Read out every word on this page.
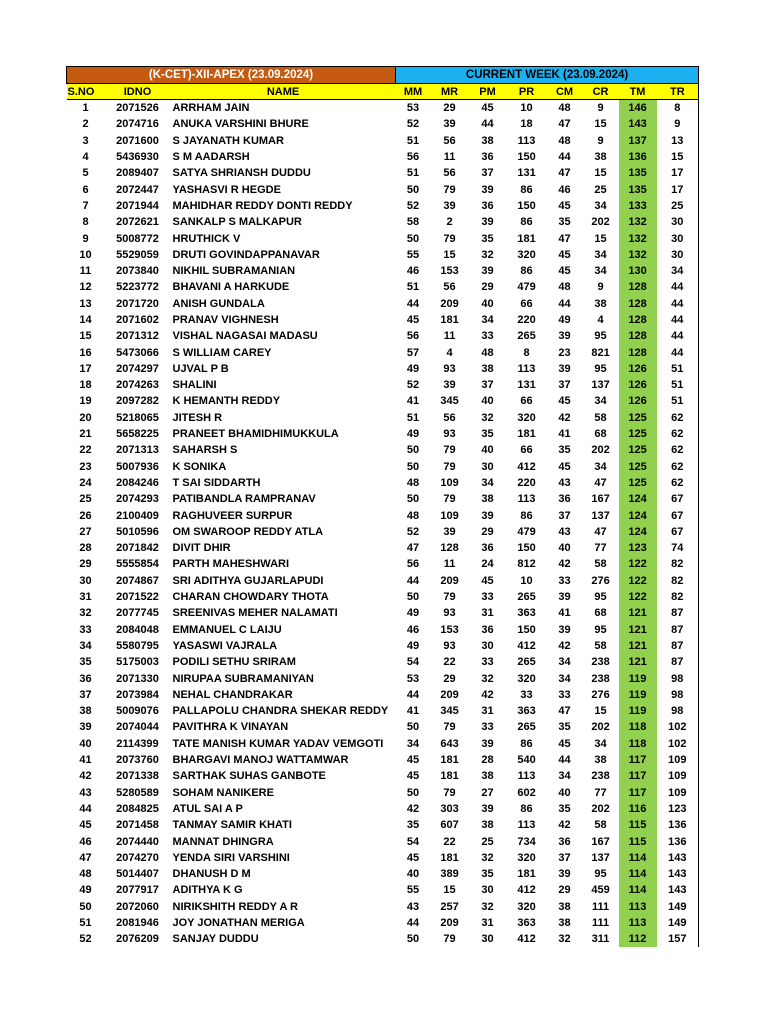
(K-CET)-XII-APEX (23.09.2024)			CURRENT WEEK (23.09.2024)							
S.NO	IDNO	NAME	MM	MR	PM	PR	CM	CR	TM	TR
1	2071526	ARRHAM JAIN	53	29	45	10	48	9	146	8
2	2074716	ANUKA VARSHINI BHURE	52	39	44	18	47	15	143	9
3	2071600	S JAYANATH KUMAR	51	56	38	113	48	9	137	13
4	5436930	S M AADARSH	56	11	36	150	44	38	136	15
5	2089407	SATYA SHRIANSH DUDDU	51	56	37	131	47	15	135	17
6	2072447	YASHASVI R HEGDE	50	79	39	86	46	25	135	17
7	2071944	MAHIDHAR REDDY DONTI REDDY	52	39	36	150	45	34	133	25
8	2072621	SANKALP S MALKAPUR	58	2	39	86	35	202	132	30
9	5008772	HRUTHICK V	50	79	35	181	47	15	132	30
10	5529059	DRUTI GOVINDAPPANAVAR	55	15	32	320	45	34	132	30
11	2073840	NIKHIL SUBRAMANIAN	46	153	39	86	45	34	130	34
12	5223772	BHAVANI A HARKUDE	51	56	29	479	48	9	128	44
13	2071720	ANISH GUNDALA	44	209	40	66	44	38	128	44
14	2071602	PRANAV VIGHNESH	45	181	34	220	49	4	128	44
15	2071312	VISHAL NAGASAI MADASU	56	11	33	265	39	95	128	44
16	5473066	S WILLIAM CAREY	57	4	48	8	23	821	128	44
17	2074297	UJVAL P B	49	93	38	113	39	95	126	51
18	2074263	SHALINI	52	39	37	131	37	137	126	51
19	2097282	K HEMANTH REDDY	41	345	40	66	45	34	126	51
20	5218065	JITESH R	51	56	32	320	42	58	125	62
21	5658225	PRANEET BHAMIDHIMUKKULA	49	93	35	181	41	68	125	62
22	2071313	SAHARSH S	50	79	40	66	35	202	125	62
23	5007936	K SONIKA	50	79	30	412	45	34	125	62
24	2084246	T SAI SIDDARTH	48	109	34	220	43	47	125	62
25	2074293	PATIBANDLA RAMPRANAV	50	79	38	113	36	167	124	67
26	2100409	RAGHUVEER SURPUR	48	109	39	86	37	137	124	67
27	5010596	OM SWAROOP REDDY ATLA	52	39	29	479	43	47	124	67
28	2071842	DIVIT DHIR	47	128	36	150	40	77	123	74
29	5555854	PARTH MAHESHWARI	56	11	24	812	42	58	122	82
30	2074867	SRI ADITHYA GUJARLAPUDI	44	209	45	10	33	276	122	82
31	2071522	CHARAN CHOWDARY THOTA	50	79	33	265	39	95	122	82
32	2077745	SREENIVAS MEHER NALAMATI	49	93	31	363	41	68	121	87
33	2084048	EMMANUEL C LAIJU	46	153	36	150	39	95	121	87
34	5580795	YASASWI VAJRALA	49	93	30	412	42	58	121	87
35	5175003	PODILI SETHU SRIRAM	54	22	33	265	34	238	121	87
36	2071330	NIRUPAA SUBRAMANIYAN	53	29	32	320	34	238	119	98
37	2073984	NEHAL CHANDRAKAR	44	209	42	33	33	276	119	98
38	5009076	PALLAPOLU CHANDRA SHEKAR REDDY	41	345	31	363	47	15	119	98
39	2074044	PAVITHRA K VINAYAN	50	79	33	265	35	202	118	102
40	2114399	TATE MANISH KUMAR YADAV VEMGOTI	34	643	39	86	45	34	118	102
41	2073760	BHARGAVI MANOJ WATTAMWAR	45	181	28	540	44	38	117	109
42	2071338	SARTHAK SUHAS GANBOTE	45	181	38	113	34	238	117	109
43	5280589	SOHAM NANIKERE	50	79	27	602	40	77	117	109
44	2084825	ATUL SAI A P	42	303	39	86	35	202	116	123
45	2071458	TANMAY SAMIR KHATI	35	607	38	113	42	58	115	136
46	2074440	MANNAT DHINGRA	54	22	25	734	36	167	115	136
47	2074270	YENDA SIRI VARSHINI	45	181	32	320	37	137	114	143
48	5014407	DHANUSH D M	40	389	35	181	39	95	114	143
49	2077917	ADITHYA K G	55	15	30	412	29	459	114	143
50	2072060	NIRIKSHITH REDDY A R	43	257	32	320	38	111	113	149
51	2081946	JOY JONATHAN MERIGA	44	209	31	363	38	111	113	149
52	2076209	SANJAY DUDDU	50	79	30	412	32	311	112	157
